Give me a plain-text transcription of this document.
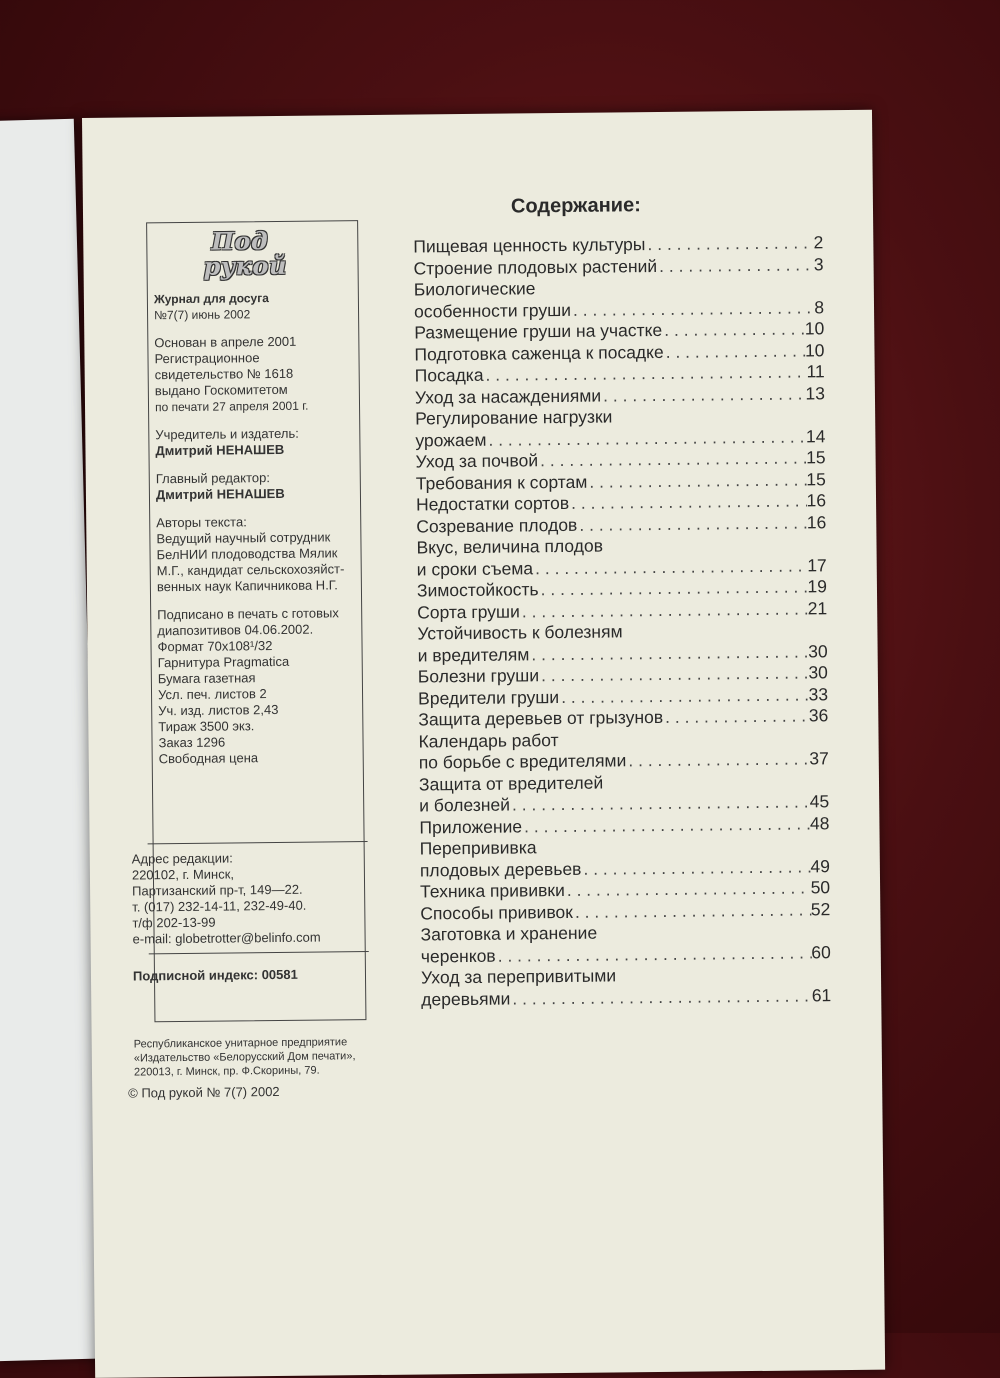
Под
рукой
Журнал для досуга
№7(7) июнь 2002
Основан в апреле 2001
Регистрационное
свидетельство № 1618
выдано Госкомитетом
по печати 27 апреля 2001 г.
Учредитель и издатель:
Дмитрий НЕНАШЕВ
Главный редактор:
Дмитрий НЕНАШЕВ
Авторы текста:
Ведущий научный сотрудник
БелНИИ плодоводства Мялик
М.Г., кандидат сельскохозяйст-
венных наук Капичникова Н.Г.
Подписано в печать с готовых
диапозитивов 04.06.2002.
Формат 70x108¹/32
Гарнитура Pragmatica
Бумага газетная
Усл. печ. листов 2
Уч. изд. листов 2,43
Тираж 3500 экз.
Заказ 1296
Свободная цена
Адрес редакции:
220102, г. Минск,
Партизанский пр-т, 149—22.
т. (017) 232-14-11, 232-49-40.
т/ф 202-13-99
e-mail: globetrotter@belinfo.com
Подписной индекс: 00581
Республиканское унитарное предприятие
«Издательство «Белорусский Дом печати»,
220013, г. Минск, пр. Ф.Скорины, 79.
© Под рукой № 7(7) 2002
Содержание:
Пищевая ценность культуры . . .	2
Строение плодовых растений . . .	3
Биологические
особенности груши . . .	8
Размещение груши на участке . . .	10
Подготовка саженца к посадке . . .	10
Посадка . . .	11
Уход за насаждениями . . .	13
Регулирование нагрузки
урожаем . . .	14
Уход за почвой . . .	15
Требования к сортам . . .	15
Недостатки сортов . . .	16
Созревание плодов . . .	16
Вкус, величина плодов
и сроки съема . . .	17
Зимостойкость . . .	19
Сорта груши . . .	21
Устойчивость к болезням
и вредителям . . .	30
Болезни груши . . .	30
Вредители груши . . .	33
Защита деревьев от грызунов . . .	36
Календарь работ
по борьбе с вредителями . . .	37
Защита от вредителей
и болезней . . .	45
Приложение . . .	48
Перепрививка
плодовых деревьев . . .	49
Техника прививки . . .	50
Способы прививок . . .	52
Заготовка и хранение
черенков . . .	60
Уход за перепривитыми
деревьями . . .	61
